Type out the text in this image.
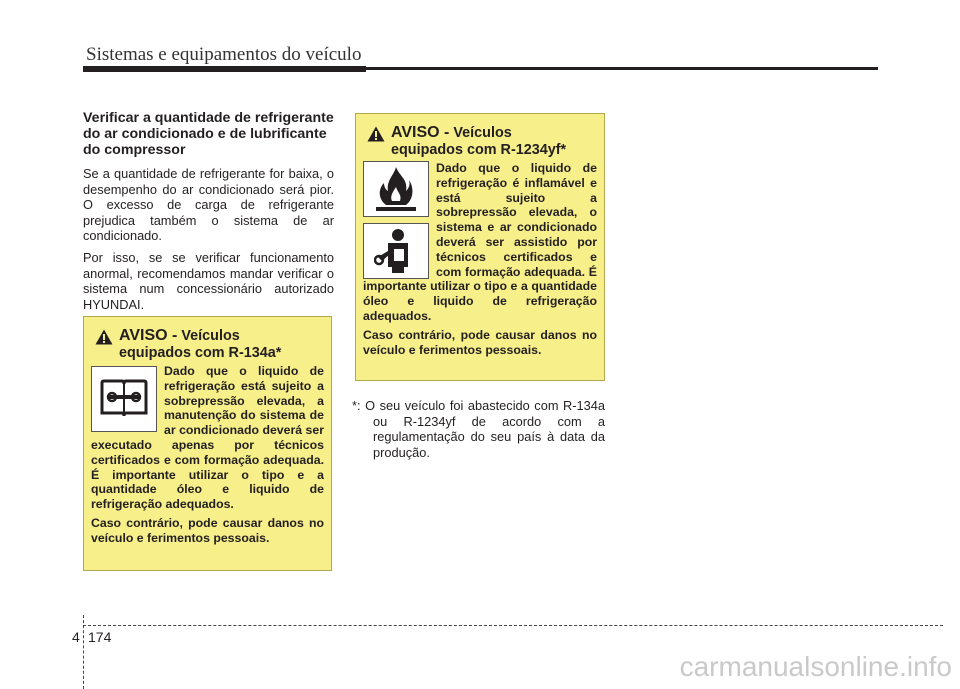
Sistemas e equipamentos do veículo
Verificar a quantidade de refrigerante do ar condicionado e de lubrificante do compressor

Se a quantidade de refrigerante for baixa, o desempenho do ar condicionado será pior. O excesso de carga de refrigerante prejudica também o sistema de ar condicionado.

Por isso, se se verificar funcionamento anormal, recomendamos mandar verificar o sistema num concessionário autorizado HYUNDAI.

AVISO - Veículos
equipados com R-134a*
Dado que o liquido de refrigeração está sujeito a sobrepressão elevada, a manutenção do sistema de ar condicionado deverá ser executado apenas por técnicos certificados e com formação adequada. É importante utilizar o tipo e a quantidade óleo e liquido de refrigeração adequados.
Caso contrário, pode causar danos no veículo e ferimentos pessoais.
AVISO - Veículos
equipados com R-1234yf*
Dado que o liquido de refrigeração é inflamável e está sujeito a sobrepressão elevada, o sistema e ar condicionado deverá ser assistido por técnicos certificados e com formação adequada. É importante utilizar o tipo e a quantidade óleo e liquido de refrigeração adequados.
Caso contrário, pode causar danos no veículo e ferimentos pessoais.
*: O seu veículo foi abastecido com R-134a ou R-1234yf de acordo com a regulamentação do seu país à data da produção.
4 174
carmanualsonline.info
